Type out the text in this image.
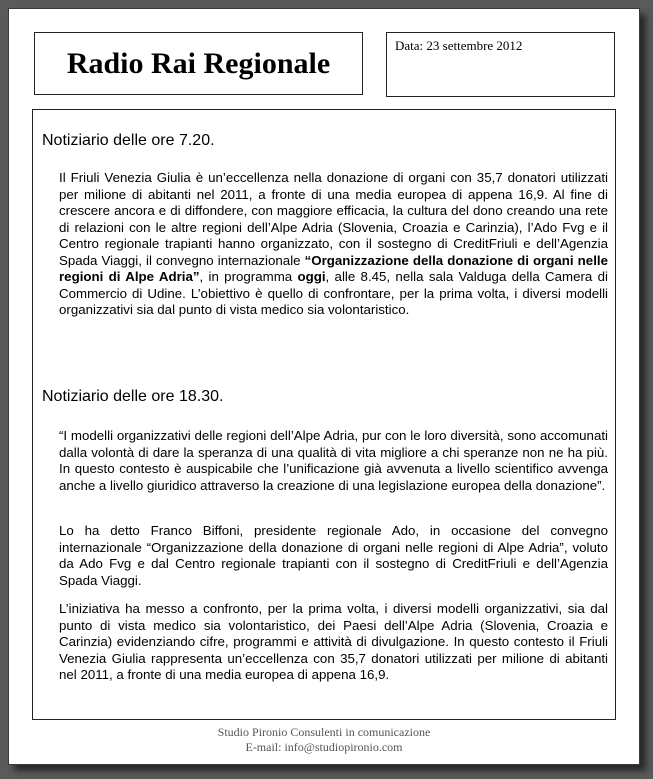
Radio Rai Regionale
Data: 23 settembre 2012
Notiziario delle ore 7.20.

Il Friuli Venezia Giulia è un’eccellenza nella donazione di organi con 35,7 donatori utilizzati per milione di abitanti nel 2011, a fronte di una media europea di appena 16,9. Al fine di crescere ancora e di diffondere, con maggiore efficacia, la cultura del dono creando una rete di relazioni con le altre regioni dell’Alpe Adria (Slovenia, Croazia e Carinzia), l’Ado Fvg e il Centro regionale trapianti hanno organizzato, con il sostegno di CreditFriuli e dell’Agenzia Spada Viaggi, il convegno internazionale “Organizzazione della donazione di organi nelle regioni di Alpe Adria”, in programma oggi, alle 8.45, nella sala Valduga della Camera di Commercio di Udine. L’obiettivo è quello di confrontare, per la prima volta, i diversi modelli organizzativi sia dal punto di vista medico sia volontaristico.

Notiziario delle ore 18.30.

“I modelli organizzativi delle regioni dell’Alpe Adria, pur con le loro diversità, sono accomunati dalla volontà di dare la speranza di una qualità di vita migliore a chi speranze non ne ha più. In questo contesto è auspicabile che l’unificazione già avvenuta a livello scientifico avvenga anche a livello giuridico attraverso la creazione di una legislazione europea della donazione”.

Lo ha detto Franco Biffoni, presidente regionale Ado, in occasione del convegno internazionale “Organizzazione della donazione di organi nelle regioni di Alpe Adria”, voluto da Ado Fvg e dal Centro regionale trapianti con il sostegno di CreditFriuli e dell’Agenzia Spada Viaggi.

L’iniziativa ha messo a confronto, per la prima volta, i diversi modelli organizzativi, sia dal punto di vista medico sia volontaristico, dei Paesi dell’Alpe Adria (Slovenia, Croazia e Carinzia) evidenziando cifre, programmi e attività di divulgazione. In questo contesto il Friuli Venezia Giulia rappresenta un’eccellenza con 35,7 donatori utilizzati per milione di abitanti nel 2011, a fronte di una media europea di appena 16,9.

Studio Pironio Consulenti in comunicazione
E-mail: info@studiopironio.com
